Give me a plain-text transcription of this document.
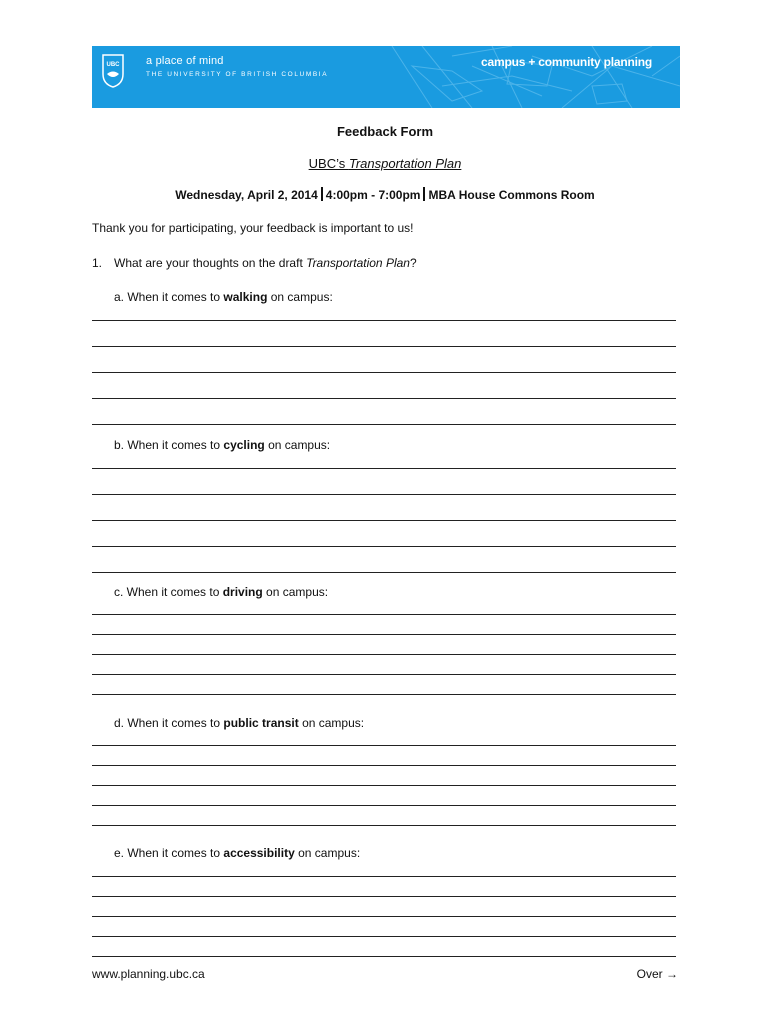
UBC a place of mind
THE UNIVERSITY OF BRITISH COLUMBIA
campus + community planning
Feedback Form
UBC’s Transportation Plan
Wednesday, April 2, 2014 4:00pm - 7:00pm MBA House Commons Room
Thank you for participating, your feedback is important to us!
1. What are your thoughts on the draft Transportation Plan?
a. When it comes to walking on campus:
b. When it comes to cycling on campus:
c. When it comes to driving on campus:
d. When it comes to public transit on campus:
e. When it comes to accessibility on campus:
www.planning.ubc.ca	Over →
